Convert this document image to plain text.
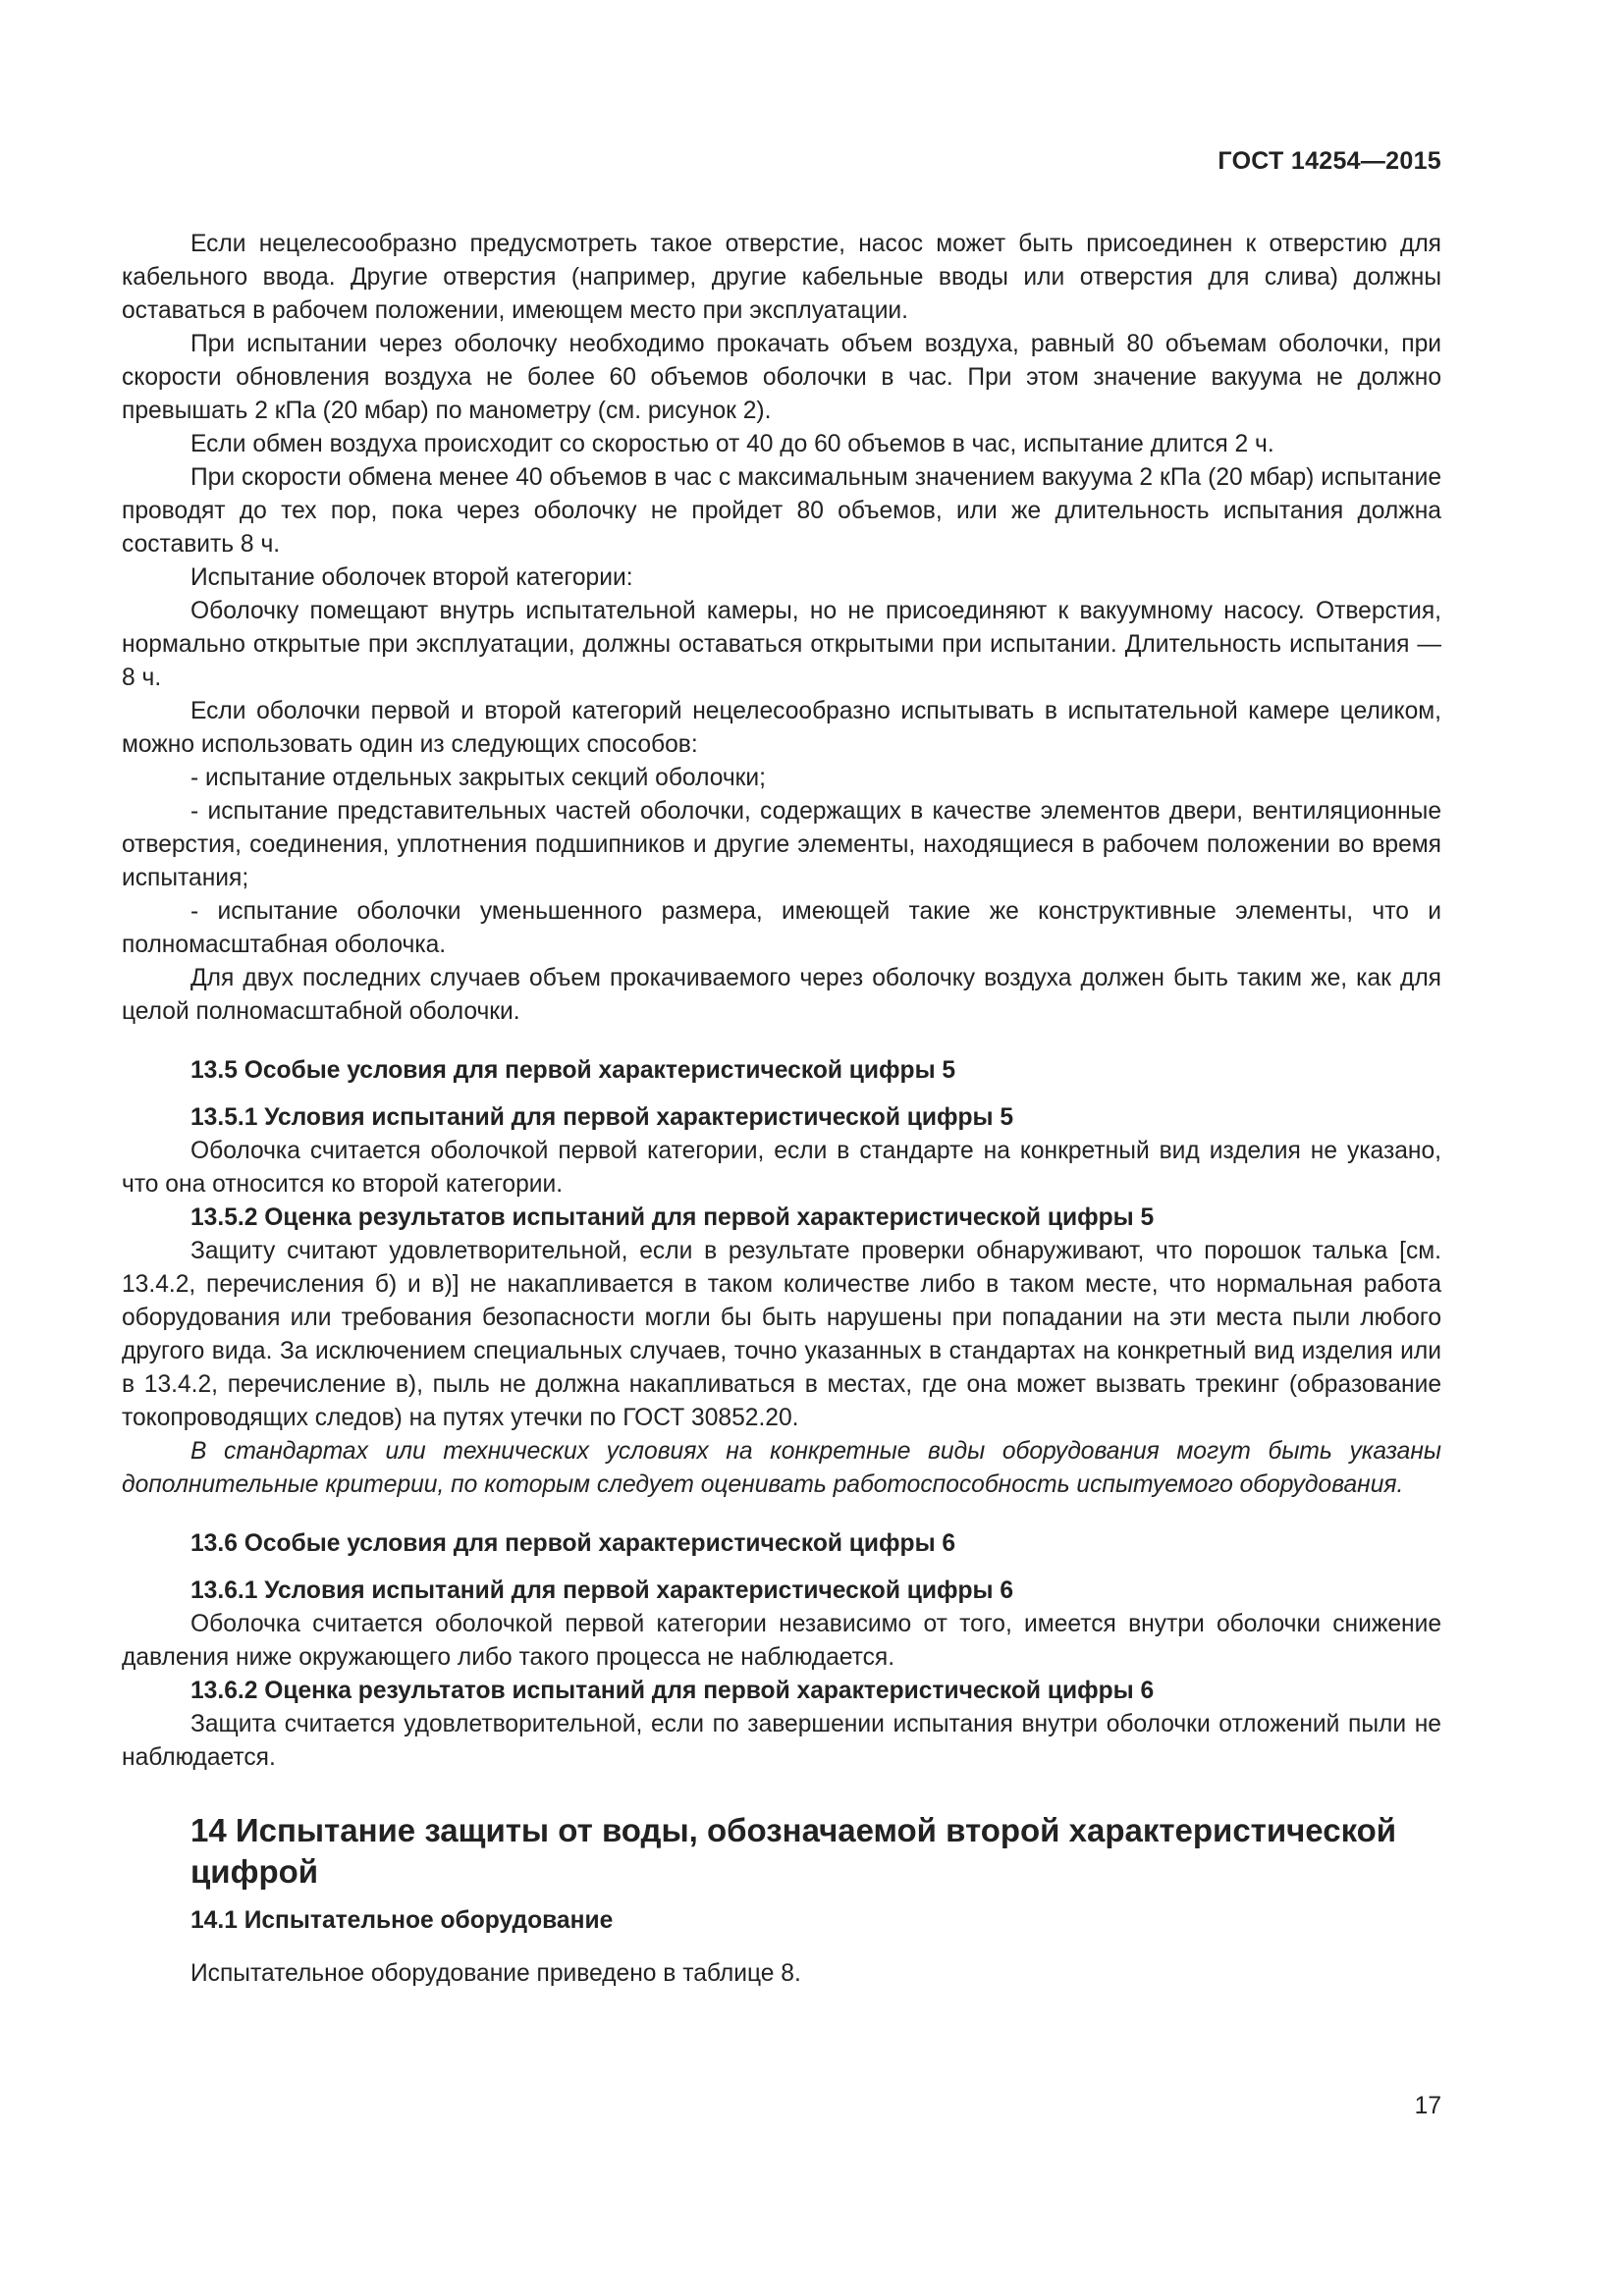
ГОСТ 14254—2015

Если нецелесообразно предусмотреть такое отверстие, насос может быть присоединен к отверстию для кабельного ввода. Другие отверстия (например, другие кабельные вводы или отверстия для слива) должны оставаться в рабочем положении, имеющем место при эксплуатации.

При испытании через оболочку необходимо прокачать объем воздуха, равный 80 объемам оболочки, при скорости обновления воздуха не более 60 объемов оболочки в час. При этом значение вакуума не должно превышать 2 кПа (20 мбар) по манометру (см. рисунок 2).

Если обмен воздуха происходит со скоростью от 40 до 60 объемов в час, испытание длится 2 ч.

При скорости обмена менее 40 объемов в час с максимальным значением вакуума 2 кПа (20 мбар) испытание проводят до тех пор, пока через оболочку не пройдет 80 объемов, или же длительность испытания должна составить 8 ч.

Испытание оболочек второй категории:

Оболочку помещают внутрь испытательной камеры, но не присоединяют к вакуумному насосу. Отверстия, нормально открытые при эксплуатации, должны оставаться открытыми при испытании. Длительность испытания — 8 ч.

Если оболочки первой и второй категорий нецелесообразно испытывать в испытательной камере целиком, можно использовать один из следующих способов:

- испытание отдельных закрытых секций оболочки;

- испытание представительных частей оболочки, содержащих в качестве элементов двери, вентиляционные отверстия, соединения, уплотнения подшипников и другие элементы, находящиеся в рабочем положении во время испытания;

- испытание оболочки уменьшенного размера, имеющей такие же конструктивные элементы, что и полномасштабная оболочка.

Для двух последних случаев объем прокачиваемого через оболочку воздуха должен быть таким же, как для целой полномасштабной оболочки.

13.5 Особые условия для первой характеристической цифры 5
13.5.1 Условия испытаний для первой характеристической цифры 5

Оболочка считается оболочкой первой категории, если в стандарте на конкретный вид изделия не указано, что она относится ко второй категории.

13.5.2 Оценка результатов испытаний для первой характеристической цифры 5

Защиту считают удовлетворительной, если в результате проверки обнаруживают, что порошок талька [см. 13.4.2, перечисления б) и в)] не накапливается в таком количестве либо в таком месте, что нормальная работа оборудования или требования безопасности могли бы быть нарушены при попадании на эти места пыли любого другого вида. За исключением специальных случаев, точно указанных в стандартах на конкретный вид изделия или в 13.4.2, перечисление в), пыль не должна накапливаться в местах, где она может вызвать трекинг (образование токопроводящих следов) на путях утечки по ГОСТ 30852.20.

В стандартах или технических условиях на конкретные виды оборудования могут быть указаны дополнительные критерии, по которым следует оценивать работоспособность испытуемого оборудования.

13.6 Особые условия для первой характеристической цифры 6
13.6.1 Условия испытаний для первой характеристической цифры 6

Оболочка считается оболочкой первой категории независимо от того, имеется внутри оболочки снижение давления ниже окружающего либо такого процесса не наблюдается.

13.6.2 Оценка результатов испытаний для первой характеристической цифры 6

Защита считается удовлетворительной, если по завершении испытания внутри оболочки отложений пыли не наблюдается.

14 Испытание защиты от воды, обозначаемой второй характеристической цифрой
14.1 Испытательное оборудование

Испытательное оборудование приведено в таблице 8.

17
